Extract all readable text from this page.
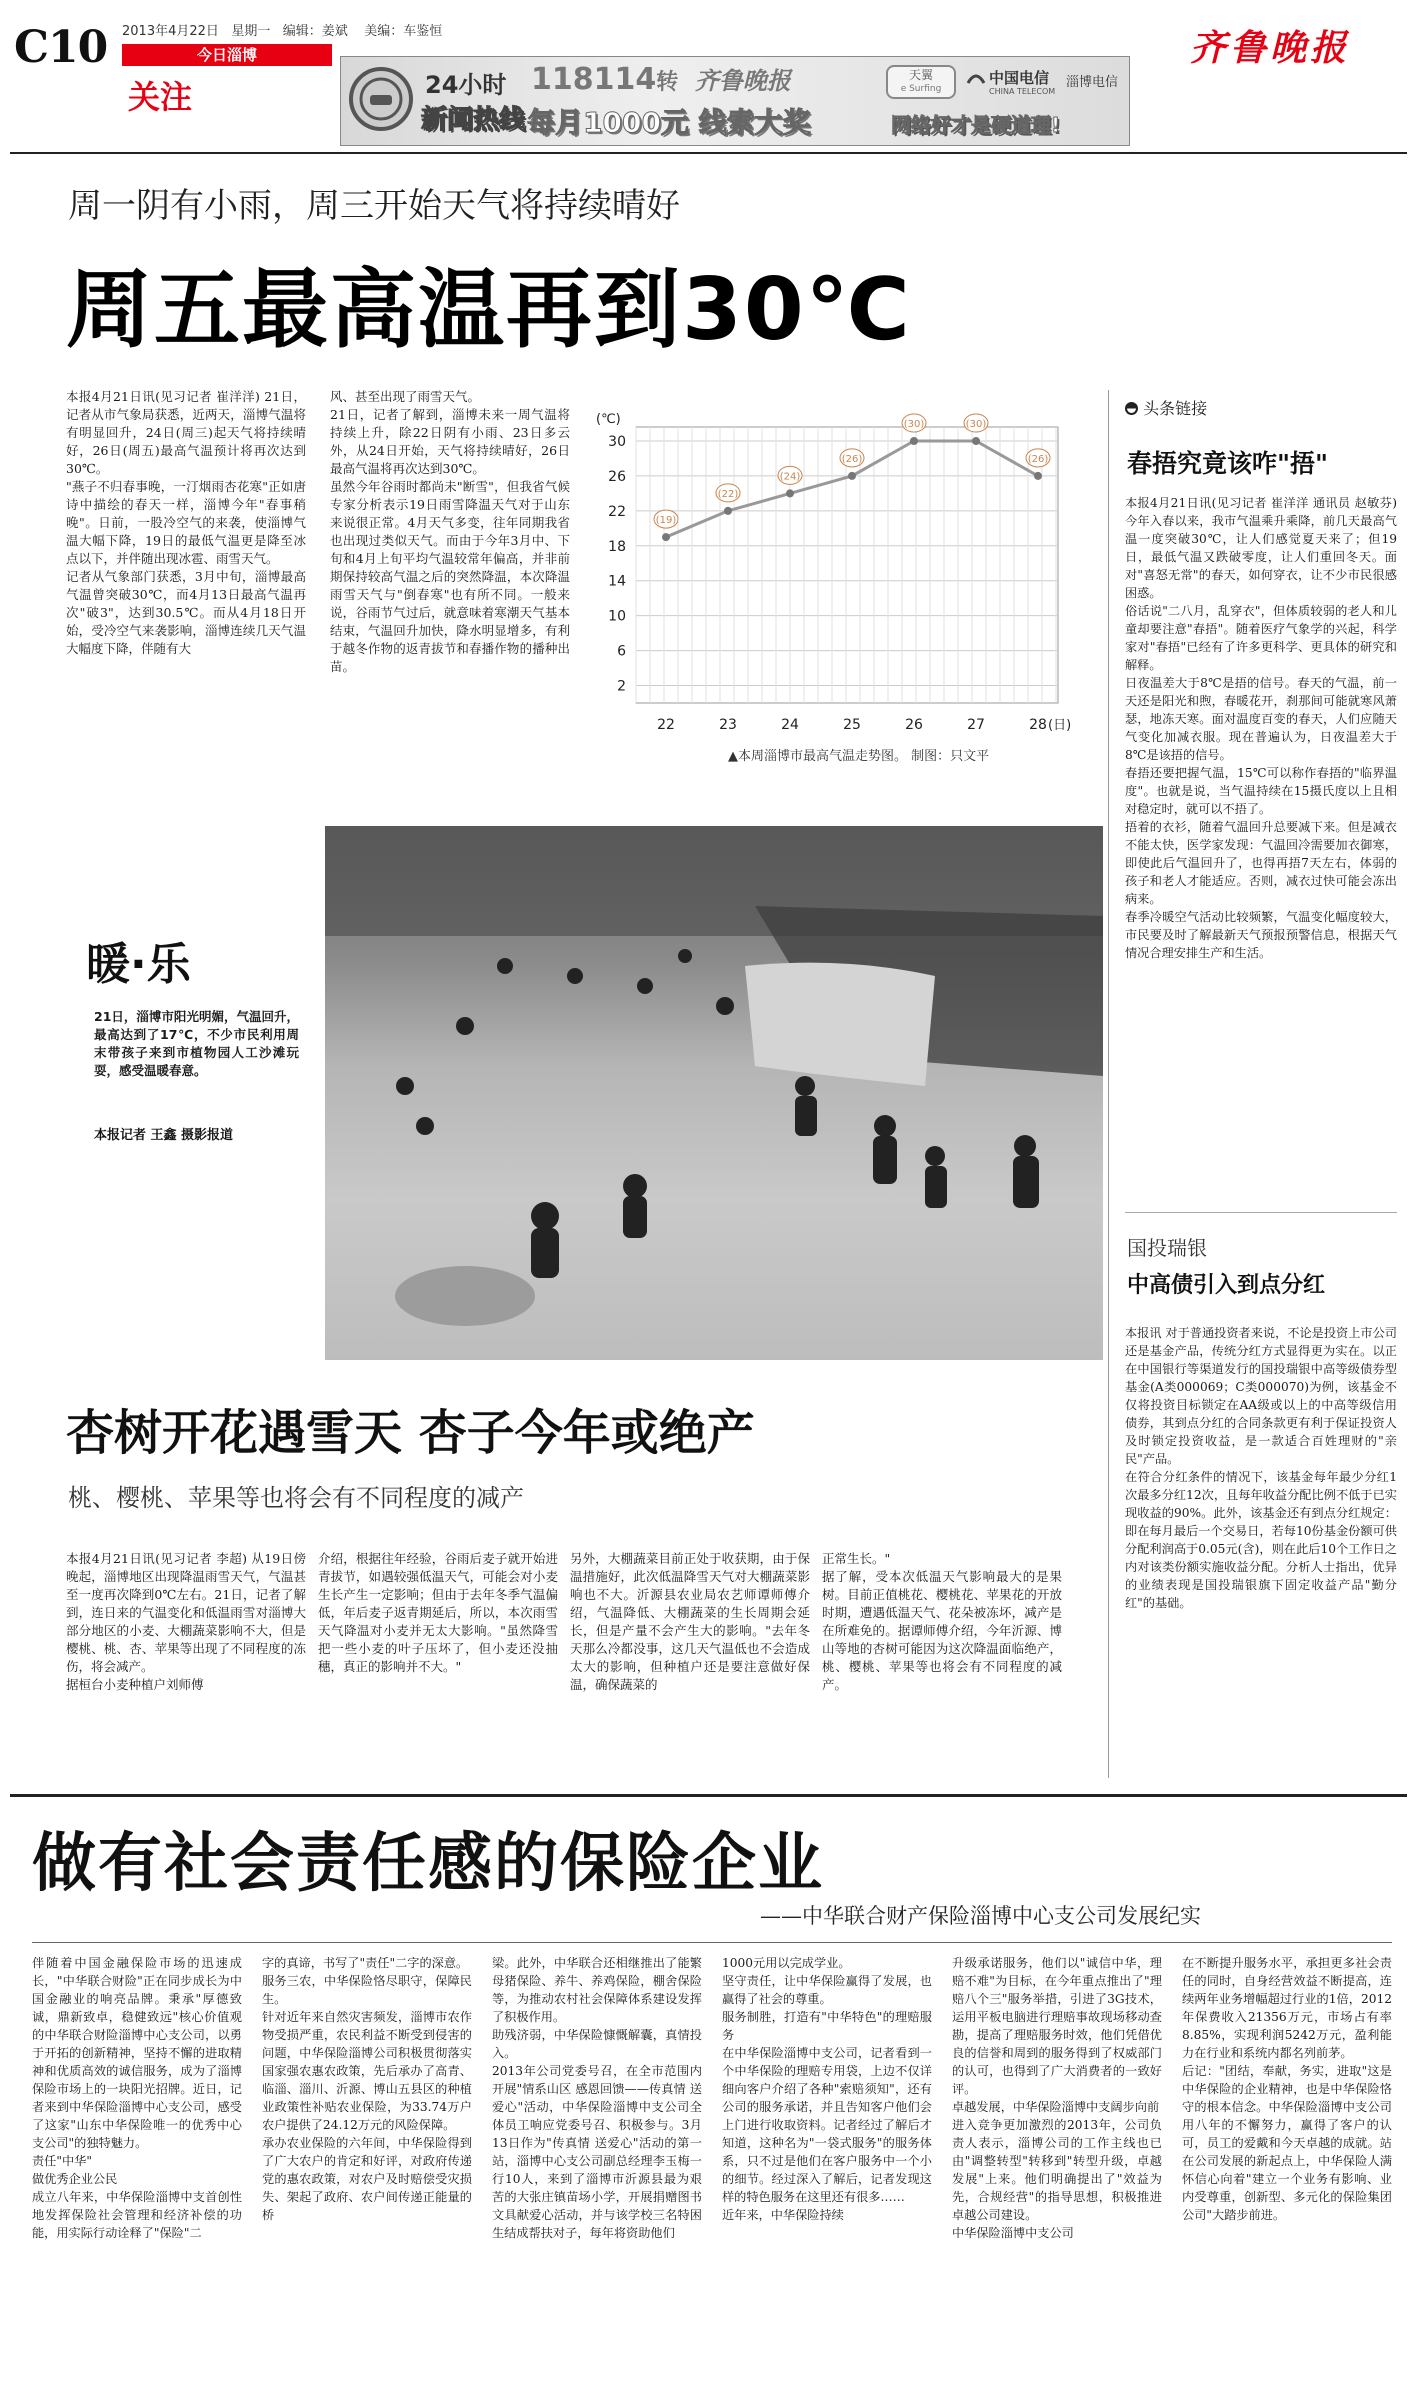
C10 2013年4月22日 星期一 编辑：姜斌 美编：车鉴恒
今日淄博
关注	24小时
新闻热线
118114转 齐鲁晚报
每月1000元 线索大奖
天翼
e Surfing
中国电信
CHINA TELECOM
淄博电信
网络好才是硬道理!
齐鲁晚报
周一阴有小雨，周三开始天气将持续晴好
周五最高温再到30℃
本报4月21日讯(见习记者 崔洋洋) 21日，记者从市气象局获悉，近两天，淄博气温将有明显回升，24日(周三)起天气将持续晴好，26日(周五)最高气温预计将再次达到30℃。
"燕子不归春事晚，一汀烟雨杏花寒"正如唐诗中描绘的春天一样，淄博今年"春事稍晚"。日前，一股冷空气的来袭，使淄博气温大幅下降，19日的最低气温更是降至冰点以下，并伴随出现冰雹、雨雪天气。
记者从气象部门获悉，3月中旬，淄博最高气温曾突破30℃，而4月13日最高气温再次"破3"，达到30.5℃。而从4月18日开始，受冷空气来袭影响，淄博连续几天气温大幅度下降，伴随有大
风、甚至出现了雨雪天气。
21日，记者了解到，淄博未来一周气温将持续上升，除22日阴有小雨、23日多云外，从24日开始，天气将持续晴好，26日最高气温将再次达到30℃。
虽然今年谷雨时都尚未"断雪"，但我省气候专家分析表示19日雨雪降温天气对于山东来说很正常。4月天气多变，往年同期我省也出现过类似天气。而由于今年3月中、下旬和4月上旬平均气温较常年偏高，并非前期保持较高气温之后的突然降温，本次降温雨雪天气与"倒春寒"也有所不同。一般来说，谷雨节气过后，就意味着寒潮天气基本结束，气温回升加快，降水明显增多，有利于越冬作物的返青拔节和春播作物的播种出苗。
30
26
22
18
14
10
6
2
(℃)
(19)
22
(22)
23
(24)
24
(26)
25
(30)
26
(30)
27
(26)
28 (日)
▲本周淄博市最高气温走势图。 制图：只文平
暖·乐
21日，淄博市阳光明媚，气温回升，最高达到了17℃，不少市民利用周末带孩子来到市植物园人工沙滩玩耍，感受温暖春意。
本报记者 王鑫 摄影报道
头条链接
春捂究竟该咋"捂"
本报4月21日讯(见习记者 崔洋洋 通讯员 赵敏芬) 今年入春以来，我市气温乘升乘降，前几天最高气温一度突破30℃，让人们感觉夏天来了；但19日，最低气温又跌破零度，让人们重回冬天。面对"喜怒无常"的春天，如何穿衣，让不少市民很感困惑。
俗话说"二八月，乱穿衣"，但体质较弱的老人和儿童却要注意"春捂"。随着医疗气象学的兴起，科学家对"春捂"已经有了许多更科学、更具体的研究和解释。
日夜温差大于8℃是捂的信号。春天的气温，前一天还是阳光和煦，春暖花开，刹那间可能就寒风萧瑟，地冻天寒。面对温度百变的春天，人们应随天气变化加减衣服。现在普遍认为，日夜温差大于8℃是该捂的信号。
春捂还要把握气温，15℃可以称作春捂的"临界温度"。也就是说，当气温持续在15摄氏度以上且相对稳定时，就可以不捂了。
捂着的衣衫，随着气温回升总要减下来。但是减衣不能太快，医学家发现：气温回冷需要加衣御寒，即使此后气温回升了，也得再捂7天左右，体弱的孩子和老人才能适应。否则，减衣过快可能会冻出病来。
春季冷暖空气活动比较频繁，气温变化幅度较大，市民要及时了解最新天气预报预警信息，根据天气情况合理安排生产和生活。
国投瑞银
中高债引入到点分红
本报讯 对于普通投资者来说，不论是投资上市公司还是基金产品，传统分红方式显得更为实在。以正在中国银行等渠道发行的国投瑞银中高等级债券型基金(A类000069；C类000070)为例，该基金不仅将投资目标锁定在AA级或以上的中高等级信用债券，其到点分红的合同条款更有利于保证投资人及时锁定投资收益，是一款适合百姓理财的"亲民"产品。
在符合分红条件的情况下，该基金每年最少分红1次最多分红12次，且每年收益分配比例不低于已实现收益的90%。此外，该基金还有到点分红规定：即在每月最后一个交易日，若每10份基金份额可供分配利润高于0.05元(含)，则在此后10个工作日之内对该类份额实施收益分配。分析人士指出，优异的业绩表现是国投瑞银旗下固定收益产品"勤分红"的基础。
杏树开花遇雪天 杏子今年或绝产
桃、樱桃、苹果等也将会有不同程度的减产
本报4月21日讯(见习记者 李超) 从19日傍晚起，淄博地区出现降温雨雪天气，气温甚至一度再次降到0℃左右。21日，记者了解到，连日来的气温变化和低温雨雪对淄博大部分地区的小麦、大棚蔬菜影响不大，但是樱桃、桃、杏、苹果等出现了不同程度的冻伤，将会减产。
据桓台小麦种植户刘师傅
介绍，根据往年经验，谷雨后麦子就开始进青拔节，如遇较强低温天气，可能会对小麦生长产生一定影响；但由于去年冬季气温偏低，年后麦子返青期延后，所以，本次雨雪天气降温对小麦并无太大影响。"虽然降雪把一些小麦的叶子压坏了，但小麦还没抽穗，真正的影响并不大。"
另外，大棚蔬菜目前正处于收获期，由于保温措施好，此次低温降雪天气对大棚蔬菜影响也不大。沂源县农业局农艺师谭师傅介绍，气温降低、大棚蔬菜的生长周期会延长，但是产量不会产生大的影响。"去年冬天那么冷都没事，这几天气温低也不会造成太大的影响，但种植户还是要注意做好保温，确保蔬菜的
正常生长。"
据了解，受本次低温天气影响最大的是果树。目前正值桃花、樱桃花、苹果花的开放时期，遭遇低温天气、花朵被冻坏，减产是在所难免的。据谭师傅介绍，今年沂源、博山等地的杏树可能因为这次降温面临绝产，桃、樱桃、苹果等也将会有不同程度的减产。
做有社会责任感的保险企业
——中华联合财产保险淄博中心支公司发展纪实
伴随着中国金融保险市场的迅速成长，"中华联合财险"正在同步成长为中国金融业的响亮品牌。秉承"厚德致诚，鼎新致卓，稳健致远"核心价值观的中华联合财险淄博中心支公司，以勇于开拓的创新精神，坚持不懈的进取精神和优质高效的诚信服务，成为了淄博保险市场上的一块阳光招牌。近日，记者来到中华保险淄博中心支公司，感受了这家"山东中华保险唯一的优秀中心支公司"的独特魅力。
责任"中华"
做优秀企业公民
成立八年来，中华保险淄博中支首创性地发挥保险社会管理和经济补偿的功能，用实际行动诠释了"保险"二
字的真谛，书写了"责任"二字的深意。
服务三农，中华保险恪尽职守，保障民生。
针对近年来自然灾害频发，淄博市农作物受损严重，农民利益不断受到侵害的问题，中华保险淄博公司积极贯彻落实国家强农惠农政策，先后承办了高青、临淄、淄川、沂源、博山五县区的种植业政策性补贴农业保险，为33.74万户农户提供了24.12万元的风险保障。
承办农业保险的六年间，中华保险得到了广大农户的肯定和好评，对政府传递党的惠农政策，对农户及时赔偿受灾损失、架起了政府、农户间传递正能量的桥
梁。此外，中华联合还相继推出了能繁母猪保险、养牛、养鸡保险，棚舍保险等，为推动农村社会保障体系建设发挥了积极作用。
助残济弱，中华保险慷慨解囊，真情投入。
2013年公司党委号召，在全市范围内开展"情系山区 感恩回馈——传真情 送爱心"活动，中华保险淄博中支公司全体员工响应党委号召、积极参与。3月13日作为"传真情 送爱心"活动的第一站，淄博中心支公司副总经理李玉梅一行10人，来到了淄博市沂源县最为艰苦的大张庄镇苗场小学，开展捐赠图书文具献爱心活动，并与该学校三名特困生结成帮扶对子，每年将资助他们
1000元用以完成学业。
坚守责任，让中华保险赢得了发展，也赢得了社会的尊重。
服务制胜，打造有"中华特色"的理赔服务
在中华保险淄博中支公司，记者看到一个中华保险的理赔专用袋，上边不仅详细向客户介绍了各种"索赔须知"，还有公司的服务承诺，并且告知客户他们会上门进行收取资料。记者经过了解后才知道，这种名为"一袋式服务"的服务体系，只不过是他们在客户服务中一个小的细节。经过深入了解后，记者发现这样的特色服务在这里还有很多……
近年来，中华保险持续
升级承诺服务，他们以"诚信中华，理赔不难"为目标，在今年重点推出了"理赔八个三"服务举措，引进了3G技术，运用平板电脑进行理赔事故现场移动查勘，提高了理赔服务时效，他们凭借优良的信誉和周到的服务得到了权威部门的认可，也得到了广大消费者的一致好评。
卓越发展，中华保险淄博中支阔步向前
进入竞争更加激烈的2013年，公司负责人表示，淄博公司的工作主线也已由"调整转型"转移到"转型升级，卓越发展"上来。他们明确提出了"效益为先，合规经营"的指导思想，积极推进卓越公司建设。
中华保险淄博中支公司
在不断提升服务水平，承担更多社会责任的同时，自身经营效益不断提高，连续两年业务增幅超过行业的1倍，2012年保费收入21356万元，市场占有率8.85%，实现利润5242万元，盈利能力在行业和系统内都名列前茅。
后记："团结，奉献，务实，进取"这是中华保险的企业精神，也是中华保险恪守的根本信念。中华保险淄博中支公司用八年的不懈努力，赢得了客户的认可，员工的爱戴和今天卓越的成就。站在公司发展的新起点上，中华保险人满怀信心向着"建立一个业务有影响、业内受尊重，创新型、多元化的保险集团公司"大踏步前进。
